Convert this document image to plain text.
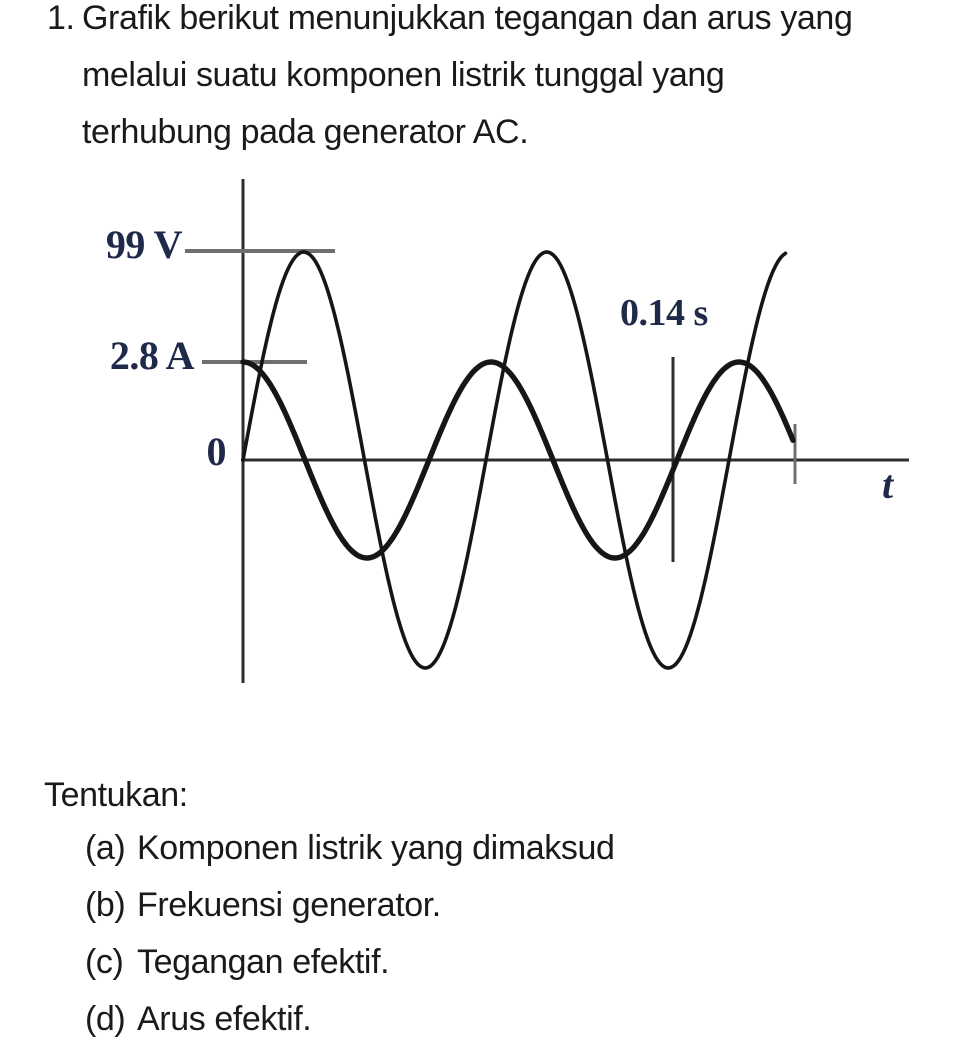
1. Grafik berikut menunjukkan tegangan dan arus yang
melalui suatu komponen listrik tunggal yang
terhubung pada generator AC.
99 V
2.8 A
0
0.14 s
t
Tentukan:
(a) Komponen listrik yang dimaksud
(b) Frekuensi generator.
(c) Tegangan efektif.
(d) Arus efektif.
